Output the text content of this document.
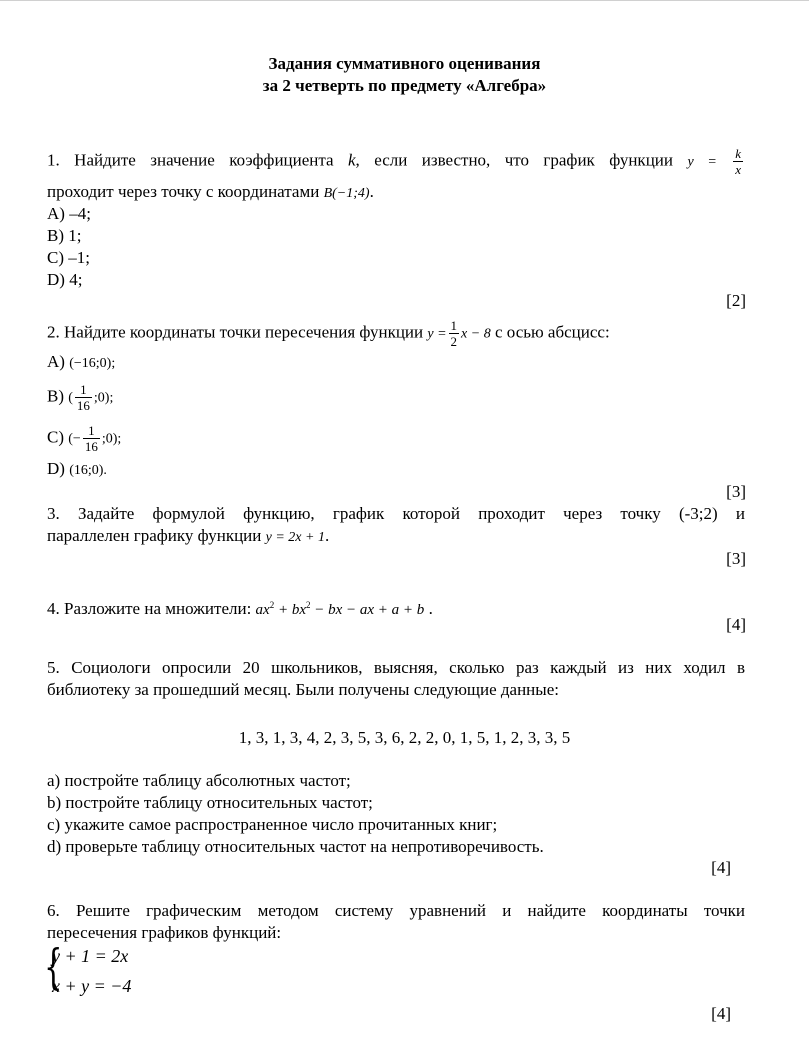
Задания суммативного оценивания
за 2 четверть по предмету «Алгебра»
1. Найдите значение коэффициента k, если известно, что график функции $y = \frac{k}{x}$
проходит через точку с координатами B(−1;4).
A) –4;
B) 1;
C) –1;
D) 4;
[2]
2. Найдите координаты точки пересечения функции $y = \frac{1}{2}$ x − 8 с осью абсцисс:
A) (−16;0);
B) ( $\frac{1}{16}$ ;0);
C) (− $\frac{1}{16}$ ;0);
D) (16;0).
[3]
3. Задайте формулой функцию, график которой проходит через точку (-3;2) и
параллелен графику функции y = 2x + 1.
[3]
4. Разложите на множители: $ax^2 + bx^2$ − bx − ax + a + b .
[4]
5. Социологи опросили 20 школьников, выясняя, сколько раз каждый из них ходил в
библиотеку за прошедший месяц. Были получены следующие данные:
1, 3, 1, 3, 4, 2, 3, 5, 3, 6, 2, 2, 0, 1, 5, 1, 2, 3, 3, 5
a) постройте таблицу абсолютных частот;
b) постройте таблицу относительных частот;
c) укажите самое распространенное число прочитанных книг;
d) проверьте таблицу относительных частот на непротиворечивость.
[4]
6. Решите графическим методом систему уравнений и найдите координаты точки
пересечения графиков функций:
{
y + 1 = 2x
x + y = −4
[4]
